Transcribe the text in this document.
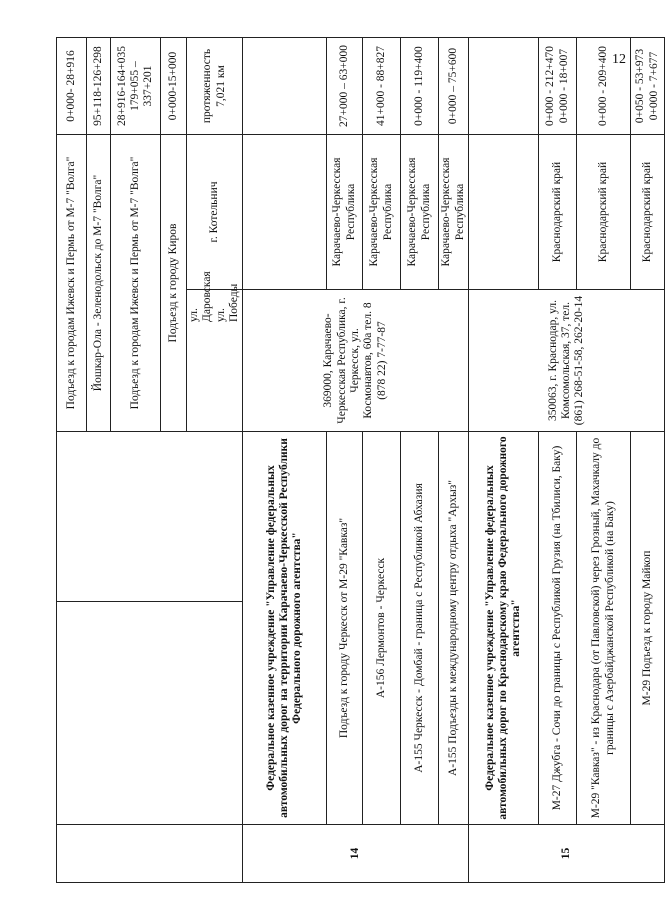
12
			Подъезд к городам Ижевск и Пермь от М-7 "Волга"		0+000- 28+916

			Йошкар-Ола - Зеленодольск до М-7 "Волга"		95+118-126+298

			Подъезд к городам Ижевск и Пермь от М-7 "Волга"		28+916-164+035 179+055 – 337+201

			Подъезд к городу Киров		0+000-15+000

			ул. Даровская ул. Победы	г. Котельнич	протяженность 7,021 км

14	Федеральное казенное учреждение "Управление федеральных автомобильных дорог на территории Карачаево-Черкесской Республики Федерального дорожного агентства"		369000, Карачаево-Черкесская Республика, г. Черкесск, ул. Космонавтов, 60а тел. 8 (878 22) 7-77-87		
	Подъезд к городу Черкесск от М-29 "Кавказ"			Карачаево-Черкесская Республика	27+000 – 63+000

	А-156 Лермонтов - Черкесск			Карачаево-Черкесская Республика	41+000 - 88+827

	А-155 Черкесск - Домбай - граница с Республикой Абхазия			Карачаево-Черкесская Республика	0+000 - 119+400

	А-155 Подъезды к международному центру отдыха "Архыз"			Карачаево-Черкесская Республика	0+000 – 75+600

15	Федеральное казенное учреждение "Управление федеральных автомобильных дорог по Краснодарскому краю Федерального дорожного агентства"		350063, г. Краснодар, ул. Комсомольская, 37, тел. (861) 268-51-58, 262-20-14		
	М-27 Джубга - Сочи до границы с Республикой Грузия (на Тбилиси, Баку)			Краснодарский край	0+000 - 212+470 0+000 - 18+007

	М-29 "Кавказ" - из Краснодара (от Павловской) через Грозный, Махачкалу до границы с Азербайджанской Республикой (на Баку)			Краснодарский край	0+000 - 209+400

	М-29 Подъезд к городу Майкоп			Краснодарский край	0+050 - 53+973 0+000 - 7+677
